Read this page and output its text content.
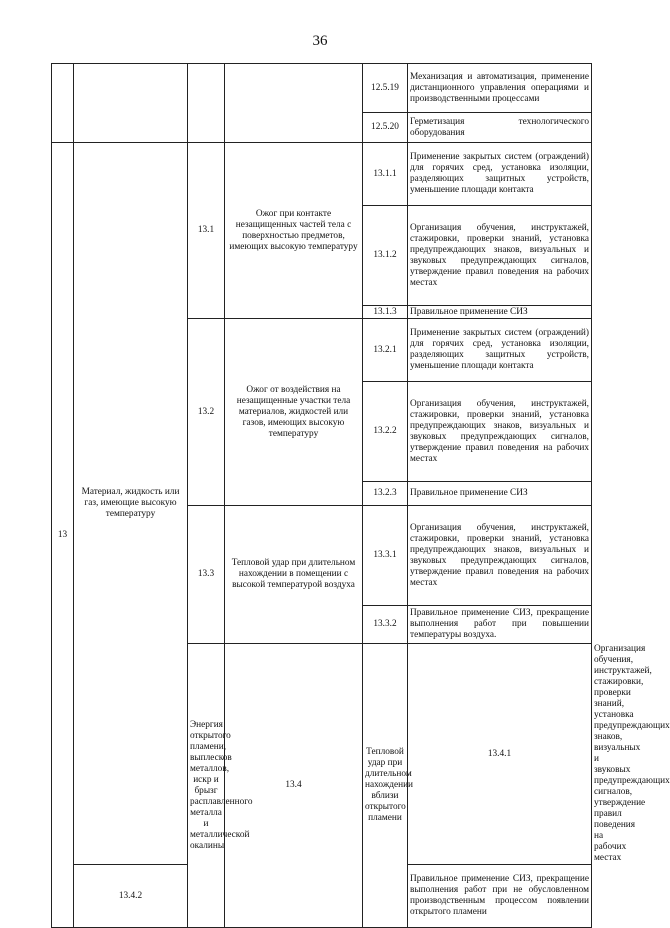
36
				12.5.19	Механизация и автоматизация, применение дистанционного управления операциями и производственными процессами	

				12.5.20	Герметизация технологического оборудования	

13	Материал, жидкость или газ, имеющие высокую температуру	13.1	Ожог при контакте незащищенных частей тела с поверхностью предметов, имеющих высокую температуру	13.1.1	Применение закрытых систем (ограждений) для горячих сред, установка изоляции, разделяющих защитных устройств, уменьшение площади контакта	

				13.1.2	Организация обучения, инструктажей, стажировки, проверки знаний, установка предупреждающих знаков, визуальных и звуковых предупреждающих сигналов, утверждение правил поведения на рабочих местах	

				13.1.3	Правильное применение СИЗ	

		13.2	Ожог от воздействия на незащищенные участки тела материалов, жидкостей или газов, имеющих высокую температуру	13.2.1	Применение закрытых систем (ограждений) для горячих сред, установка изоляции, разделяющих защитных устройств, уменьшение площади контакта	

				13.2.2	Организация обучения, инструктажей, стажировки, проверки знаний, установка предупреждающих знаков, визуальных и звуковых предупреждающих сигналов, утверждение правил поведения на рабочих местах	

				13.2.3	Правильное применение СИЗ	

		13.3	Тепловой удар при длительном нахождении в помещении с высокой температурой воздуха	13.3.1	Организация обучения, инструктажей, стажировки, проверки знаний, установка предупреждающих знаков, визуальных и звуковых предупреждающих сигналов, утверждение правил поведения на рабочих местах	

				13.3.2	Правильное применение СИЗ, прекращение выполнения работ при повышении температуры воздуха.	

		Энергия открытого пламени, выплесков металлов, искр и брызг расплавленного металла и металлической окалины	13.4	Тепловой удар при длительном нахождении вблизи открытого пламени	13.4.1	Организация обучения, инструктажей, стажировки, проверки знаний, установка предупреждающих знаков, визуальных и звуковых предупреждающих сигналов, утверждение правил поведения на рабочих местах

	13.4.2				Правильное применение СИЗ, прекращение выполнения работ при не обусловленном производственным процессом появлении открытого пламени	
